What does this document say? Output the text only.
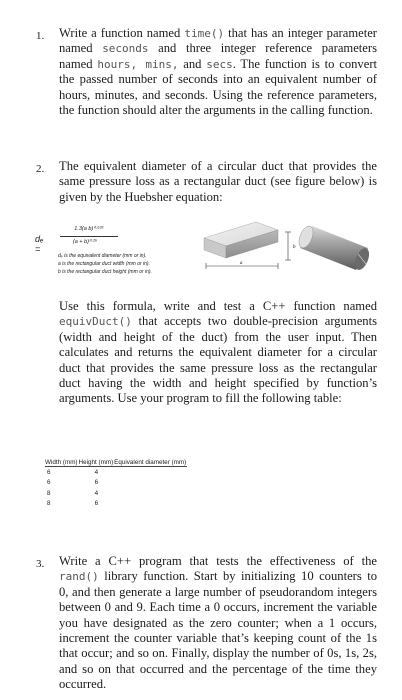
1. Write a function named time() that has an integer parameter
named seconds and three integer reference parameters
named hours, mins, and secs. The function is to convert
the passed number of seconds into an equivalent number of
hours, minutes, and seconds. Using the reference parameters,
the function should alter the arguments in the calling function.
2. The equivalent diameter of a circular duct that provides the
same pressure loss as a rectangular duct (see figure below) is
given by the Huebsher equation:
dₑ =
1.3(a b)⁰·⁶²⁵
(a + b)⁰·²⁵
dₑ is the equivalent diameter (mm or in).
a is the rectangular duct width (mm or in).
b is the rectangular duct height (mm or in).
b
a
Use this formula, write and test a C++ function named
equivDuct() that accepts two double-precision arguments
(width and height of the duct) from the user input. Then
calculates and returns the equivalent diameter for a circular
duct that provides the same pressure loss as the rectangular
duct having the width and height specified by function’s
arguments. Use your program to fill the following table:
Width (mm)	Height (mm)	Equivalent diameter (mm)
6	4	
6	6	
8	4	
8	6	
3. Write a C++ program that tests the effectiveness of the
rand() library function. Start by initializing 10 counters to
0, and then generate a large number of pseudorandom integers
between 0 and 9. Each time a 0 occurs, increment the variable
you have designated as the zero counter; when a 1 occurs,
increment the counter variable that’s keeping count of the 1s
that occur; and so on. Finally, display the number of 0s, 1s, 2s,
and so on that occurred and the percentage of the time they
occurred.
